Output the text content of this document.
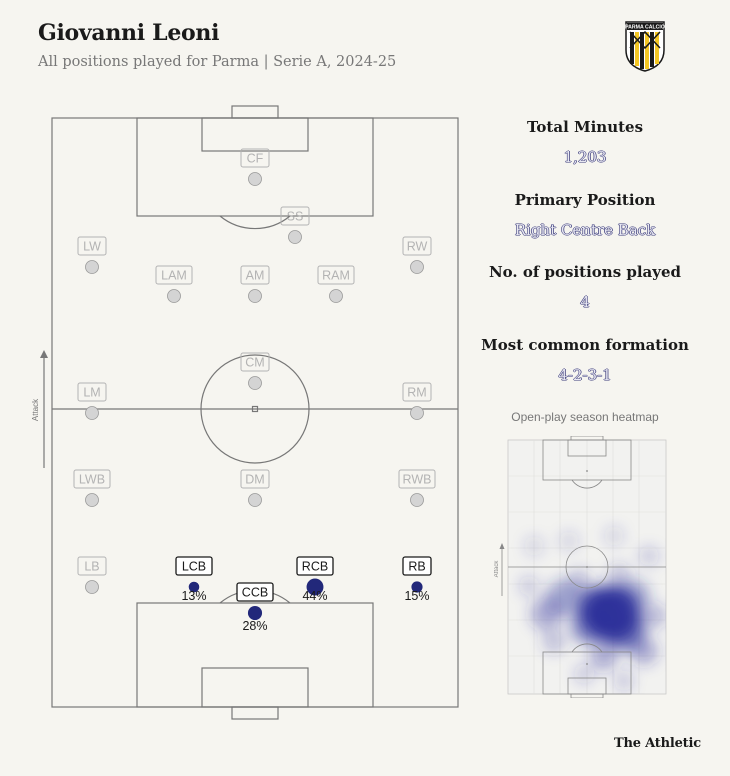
Giovanni Leoni

All positions played for Parma | Serie A, 2024-25

PARMA CALCIO
Attack
CF
SS
LW	RW
LAM	AM	RAM
CM
LM	RM
LWB	DM	RWB
LB	LCB
13%	CCB
28%
RCB
44%
RB
15%

Total Minutes

1,203

Primary Position

Right Centre Back

No. of positions played

4

Most common formation

4-2-3-1

Open-play season heatmap

Attack
The Athletic
